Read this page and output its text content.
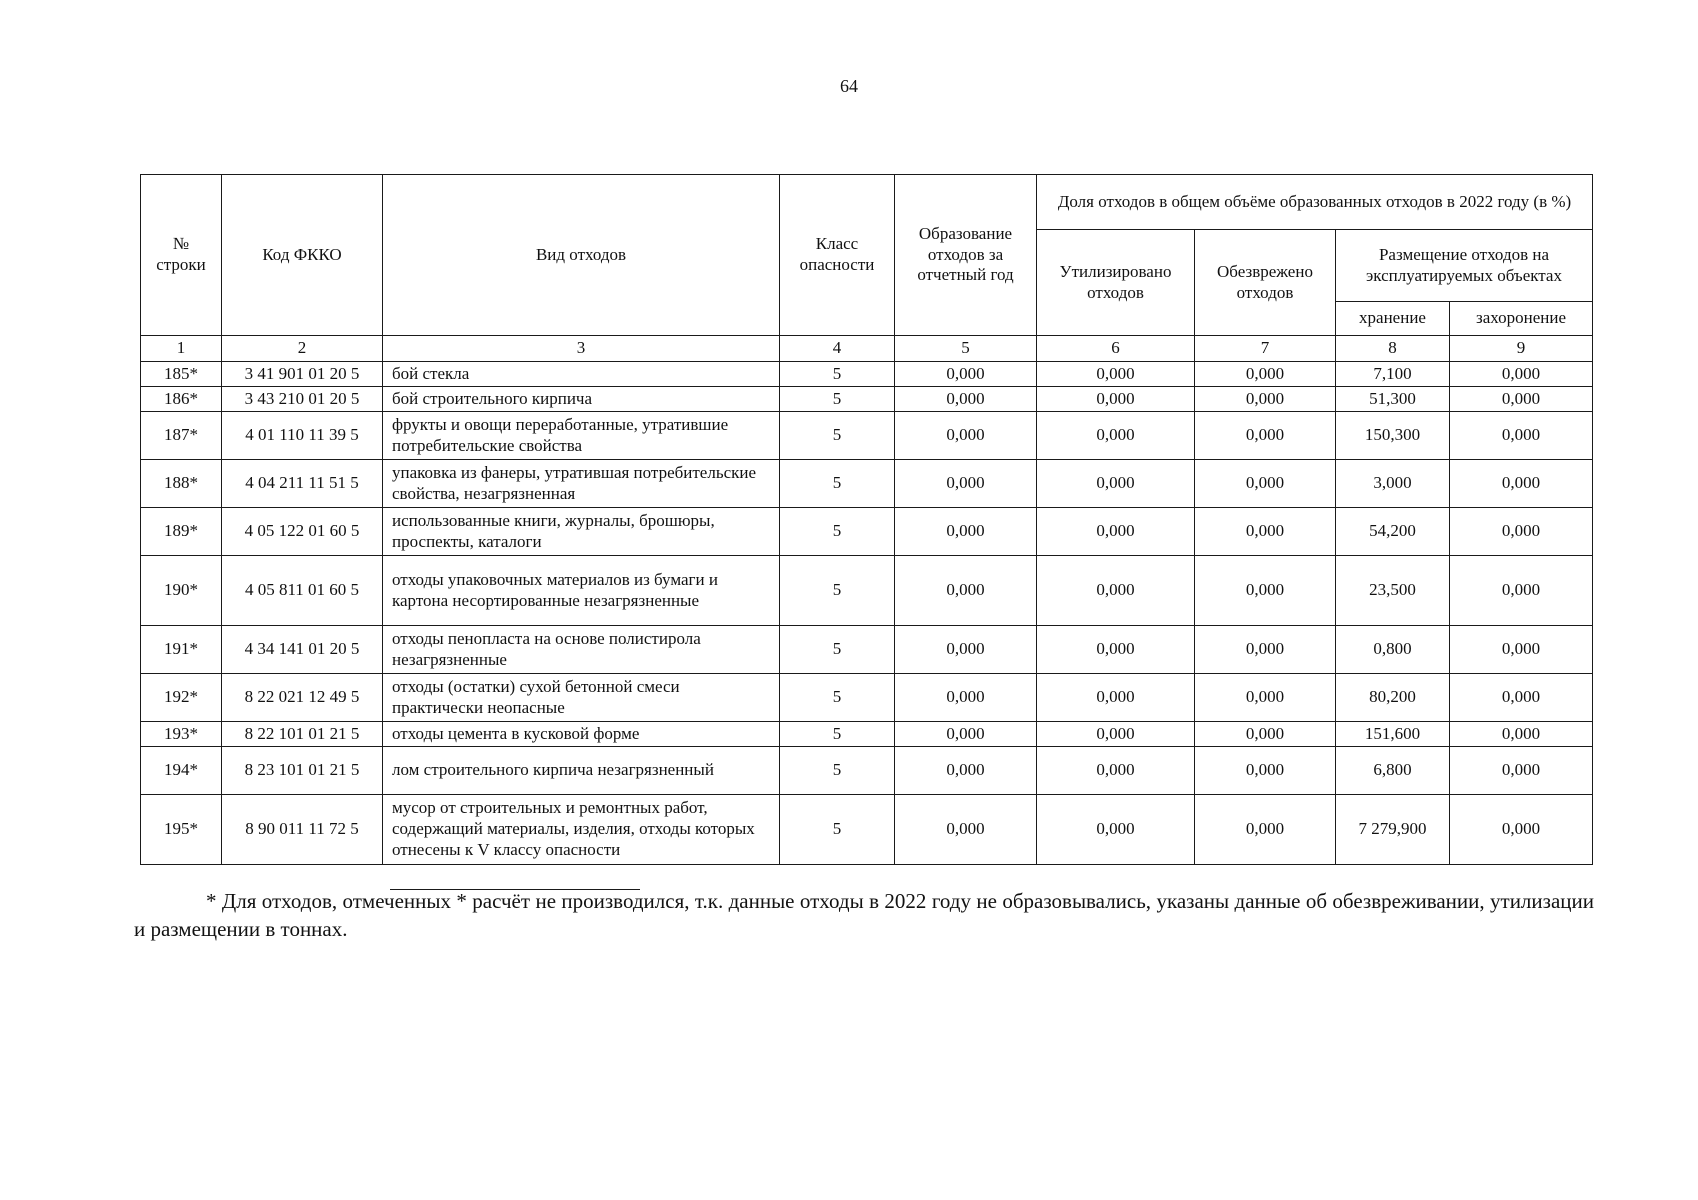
64
№ строки	Код ФККО	Вид отходов	Класс опасности	Образование отходов за отчетный год	Доля отходов в общем объёме образованных отходов в 2022 году (в %)			
					Утилизировано отходов	Обезврежено отходов	Размещение отходов на эксплуатируемых объектах	
							хранение	захоронение
1	2	3	4	5	6	7	8	9
185*	3 41 901 01 20 5	бой стекла	5	0,000	0,000	0,000	7,100	0,000
186*	3 43 210 01 20 5	бой строительного кирпича	5	0,000	0,000	0,000	51,300	0,000
187*	4 01 110 11 39 5	фрукты и овощи переработанные, утратившие потребительские свойства	5	0,000	0,000	0,000	150,300	0,000
188*	4 04 211 11 51 5	упаковка из фанеры, утратившая потребительские свойства, незагрязненная	5	0,000	0,000	0,000	3,000	0,000
189*	4 05 122 01 60 5	использованные книги, журналы, брошюры, проспекты, каталоги	5	0,000	0,000	0,000	54,200	0,000
190*	4 05 811 01 60 5	отходы упаковочных материалов из бумаги и картона несортированные незагрязненные	5	0,000	0,000	0,000	23,500	0,000
191*	4 34 141 01 20 5	отходы пенопласта на основе полистирола незагрязненные	5	0,000	0,000	0,000	0,800	0,000
192*	8 22 021 12 49 5	отходы (остатки) сухой бетонной смеси практически неопасные	5	0,000	0,000	0,000	80,200	0,000
193*	8 22 101 01 21 5	отходы цемента в кусковой форме	5	0,000	0,000	0,000	151,600	0,000
194*	8 23 101 01 21 5	лом строительного кирпича незагрязненный	5	0,000	0,000	0,000	6,800	0,000
195*	8 90 011 11 72 5	мусор от строительных и ремонтных работ, содержащий материалы, изделия, отходы которых отнесены к V классу опасности	5	0,000	0,000	0,000	7 279,900	0,000

* Для отходов, отмеченных * расчёт не производился, т.к. данные отходы в 2022 году не образовывались, указаны данные об обезвреживании, утилизации и размещении в тоннах.
